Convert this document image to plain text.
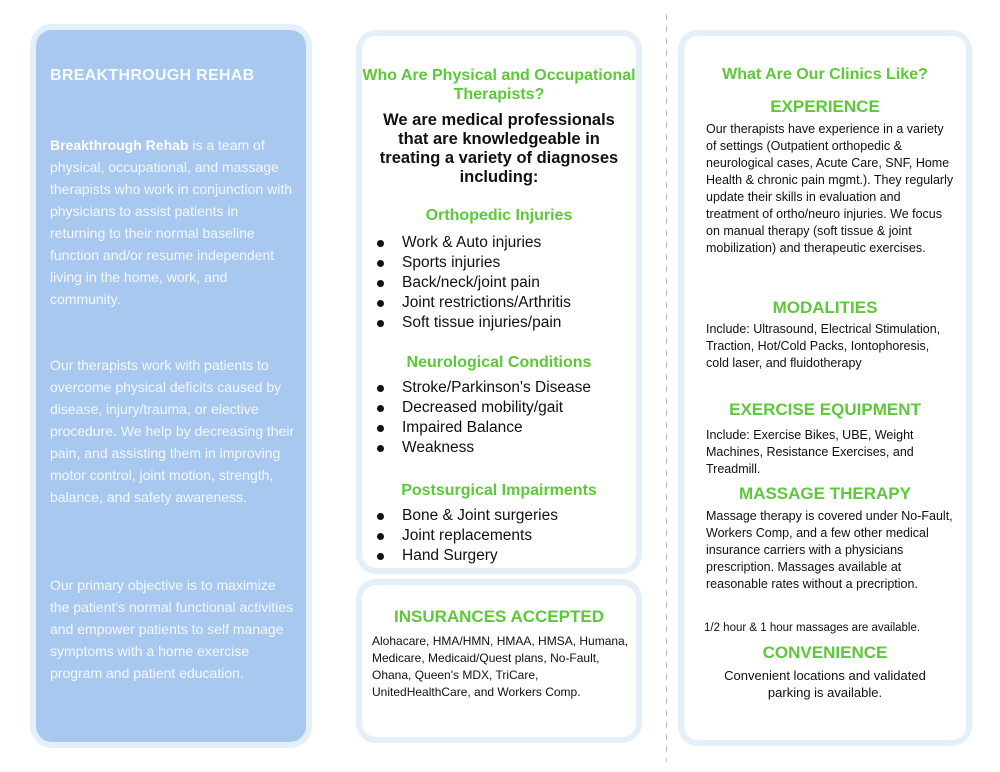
BREAKTHROUGH REHAB

Breakthrough Rehab is a team of physical, occupational, and massage therapists who work in conjunction with physicians to assist patients in returning to their normal baseline function and/or resume independent living in the home, work, and community.

Our therapists work with patients to overcome physical deficits caused by disease, injury/trauma, or elective procedure. We help by decreasing their pain, and assisting them in improving motor control, joint motion, strength, balance, and safety awareness.

Our primary objective is to maximize the patient's normal functional activities and empower patients to self manage symptoms with a home exercise program and patient education.

Who Are Physical and Occupational Therapists?

We are medical professionals that are knowledgeable in treating a variety of diagnoses including:

Orthopedic Injuries
Work & Auto injuries
Sports injuries
Back/neck/joint pain
Joint restrictions/Arthritis
Soft tissue injuries/pain
Neurological Conditions
Stroke/Parkinson's Disease
Decreased mobility/gait
Impaired Balance
Weakness
Postsurgical Impairments
Bone & Joint surgeries
Joint replacements
Hand Surgery
INSURANCES ACCEPTED

Alohacare, HMA/HMN, HMAA, HMSA, Humana, Medicare, Medicaid/Quest plans, No-Fault, Ohana, Queen's MDX, TriCare, UnitedHealthCare, and Workers Comp.

What Are Our Clinics Like?
EXPERIENCE

Our therapists have experience in a variety of settings (Outpatient orthopedic & neurological cases, Acute Care, SNF, Home Health & chronic pain mgmt.). They regularly update their skills in evaluation and treatment of ortho/neuro injuries. We focus on manual therapy (soft tissue & joint mobilization) and therapeutic exercises.

MODALITIES

Include: Ultrasound, Electrical Stimulation, Traction, Hot/Cold Packs, Iontophoresis, cold laser, and fluidotherapy

EXERCISE EQUIPMENT

Include: Exercise Bikes, UBE, Weight Machines, Resistance Exercises, and Treadmill.

MASSAGE THERAPY

Massage therapy is covered under No-Fault, Workers Comp, and a few other medical insurance carriers with a physicians prescription. Massages available at reasonable rates without a precription.

1/2 hour & 1 hour massages are available.

CONVENIENCE

Convenient locations and validated parking is available.
